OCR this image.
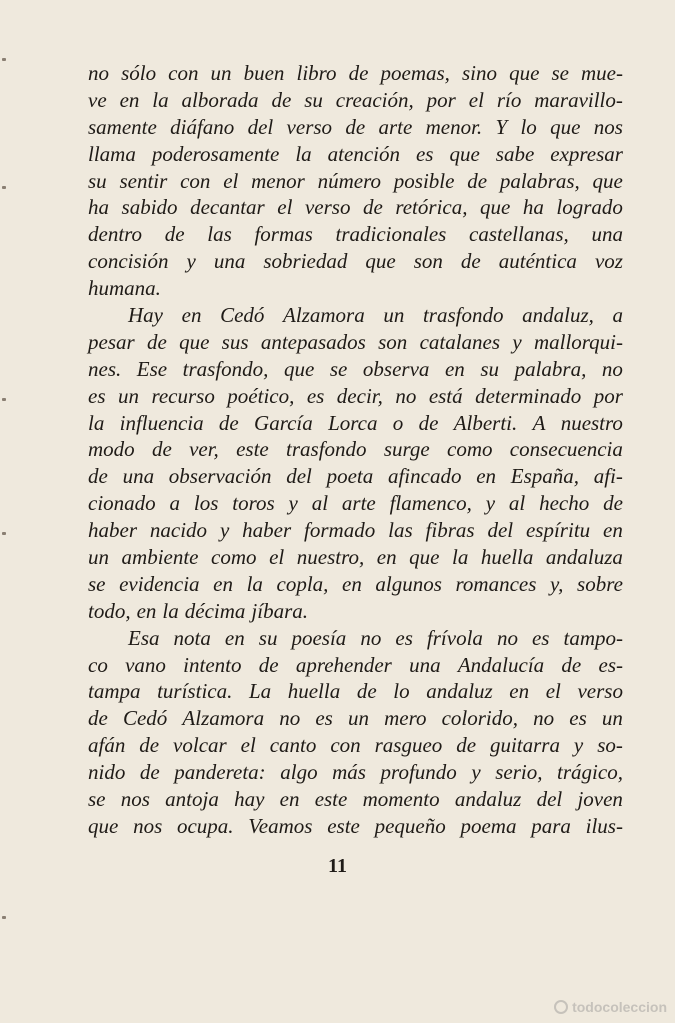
no sólo con un buen libro de poemas, sino que se mue-
ve en la alborada de su creación, por el río maravillo-
samente diáfano del verso de arte menor. Y lo que nos
llama poderosamente la atención es que sabe expresar
su sentir con el menor número posible de palabras, que
ha sabido decantar el verso de retórica, que ha logrado
dentro de las formas tradicionales castellanas, una
concisión y una sobriedad que son de auténtica voz
humana.
Hay en Cedó Alzamora un trasfondo andaluz, a
pesar de que sus antepasados son catalanes y mallorqui-
nes. Ese trasfondo, que se observa en su palabra, no
es un recurso poético, es decir, no está determinado por
la influencia de García Lorca o de Alberti. A nuestro
modo de ver, este trasfondo surge como consecuencia
de una observación del poeta afincado en España, afi-
cionado a los toros y al arte flamenco, y al hecho de
haber nacido y haber formado las fibras del espíritu en
un ambiente como el nuestro, en que la huella andaluza
se evidencia en la copla, en algunos romances y, sobre
todo, en la décima jíbara.
Esa nota en su poesía no es frívola no es tampo-
co vano intento de aprehender una Andalucía de es-
tampa turística. La huella de lo andaluz en el verso
de Cedó Alzamora no es un mero colorido, no es un
afán de volcar el canto con rasgueo de guitarra y so-
nido de pandereta: algo más profundo y serio, trágico,
se nos antoja hay en este momento andaluz del joven
que nos ocupa. Veamos este pequeño poema para ilus-
11
todocoleccion
